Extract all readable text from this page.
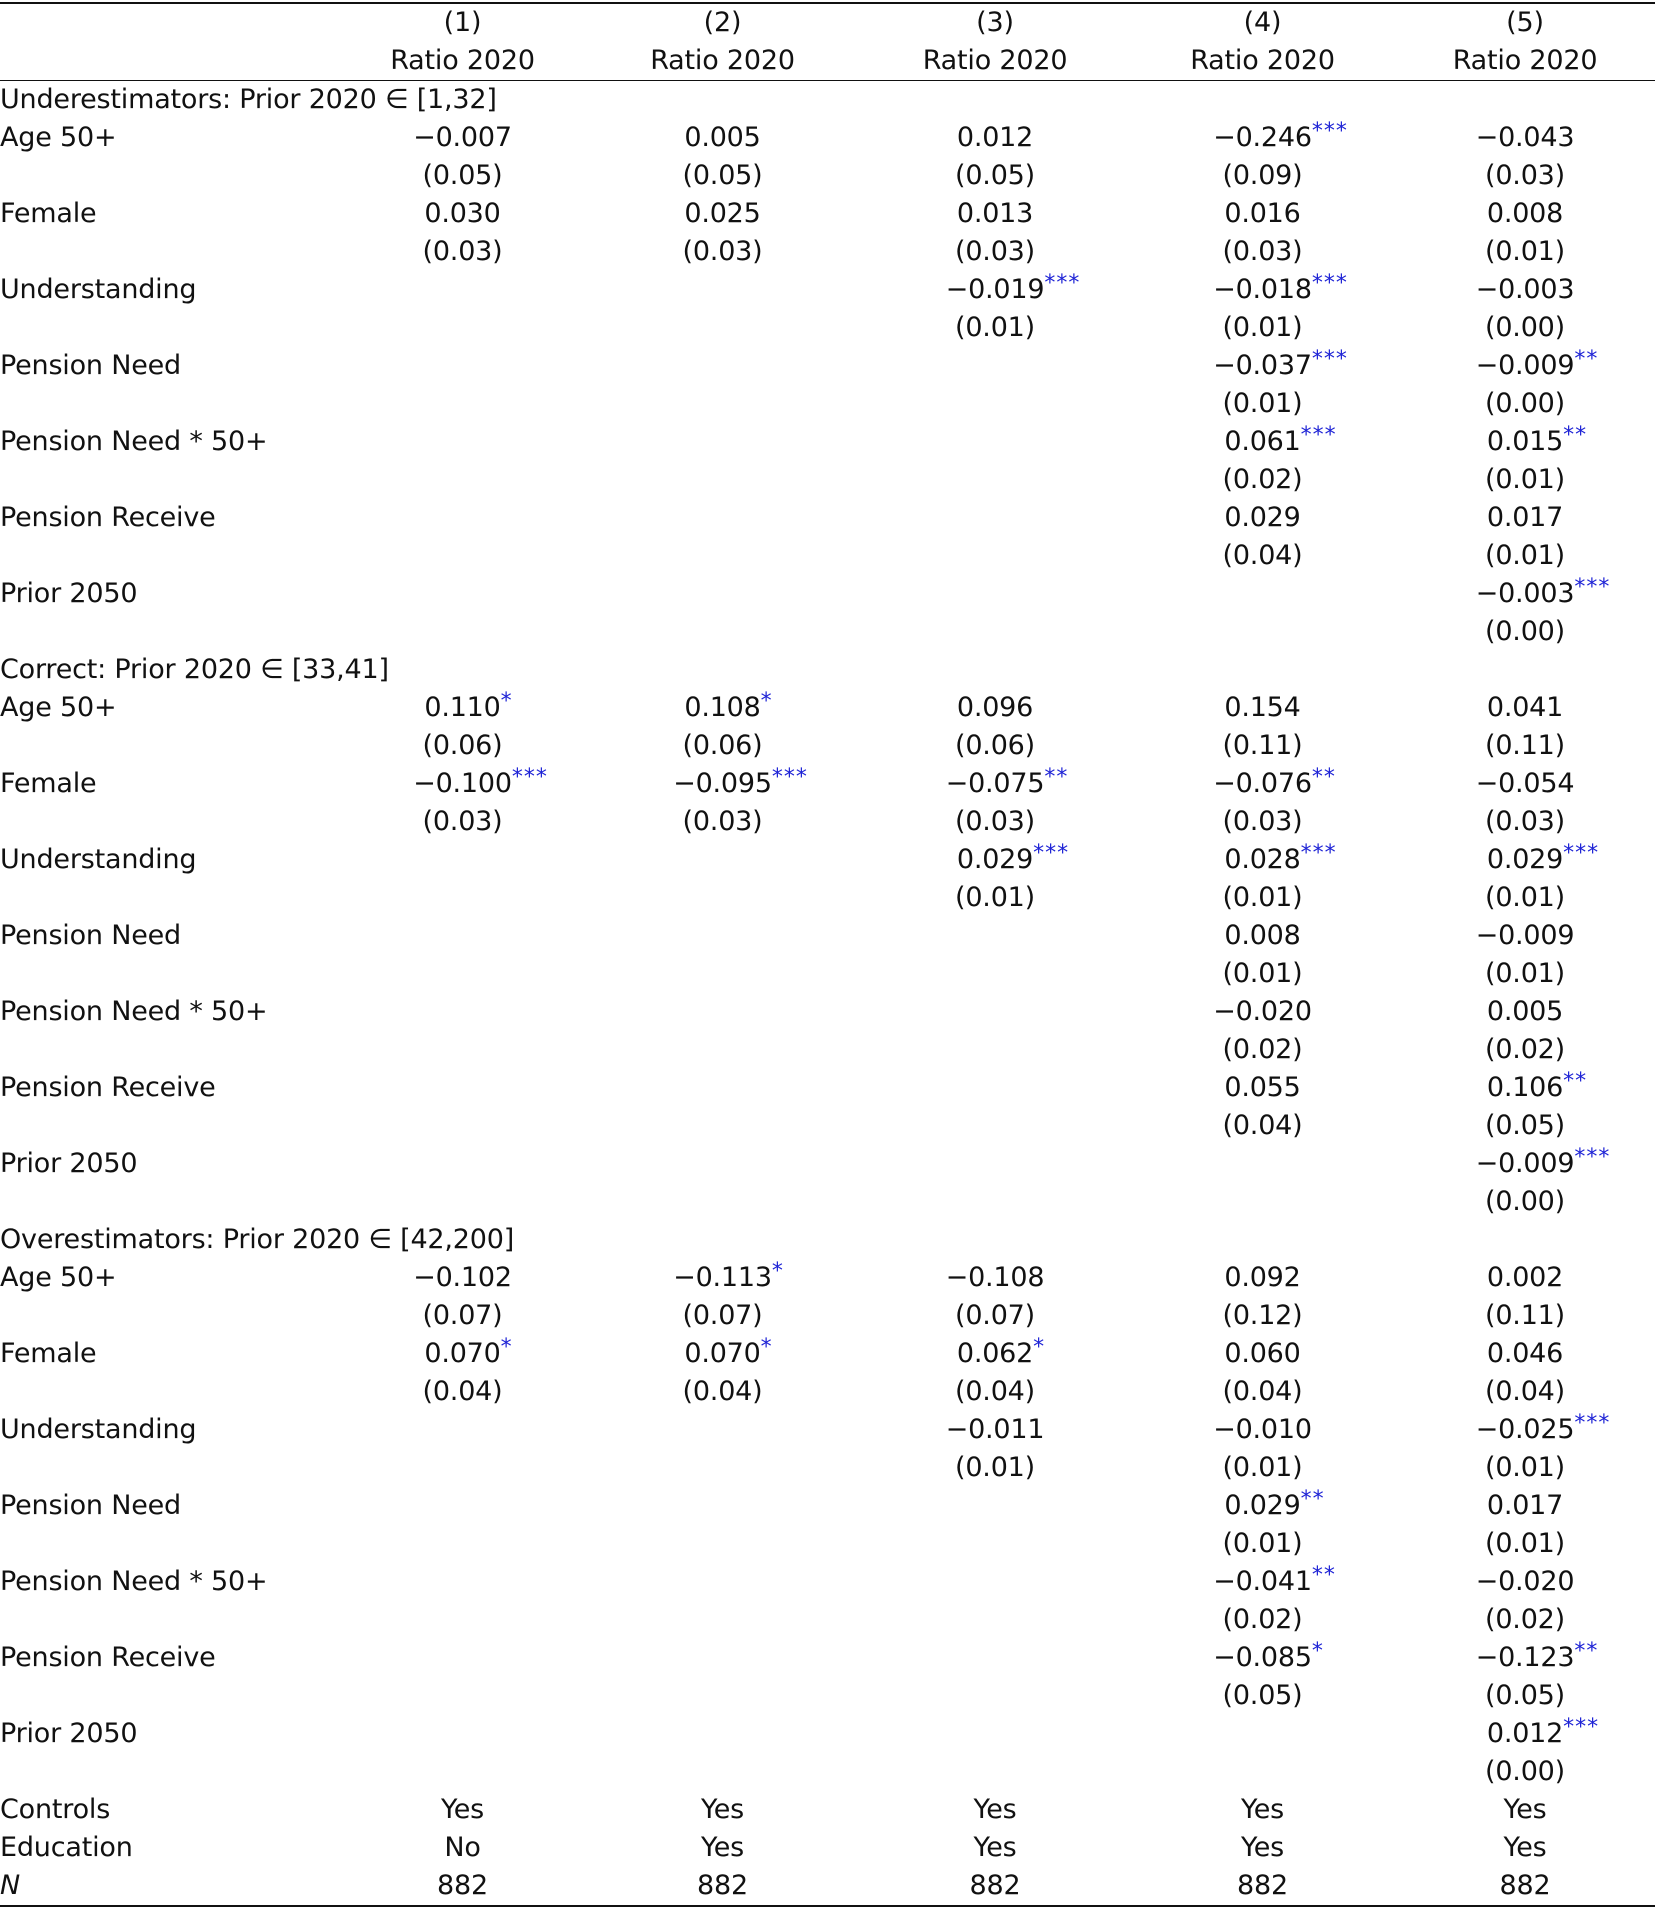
	(1)	(2)	(3)	(4)	(5)
	Ratio 2020	Ratio 2020	Ratio 2020	Ratio 2020	Ratio 2020
Underestimators: Prior 2020 ∈ [1,32]					
Age 50+	−0.007	0.005	0.012	−0.246 ***	−0.043

	(0.05)	(0.05)	(0.05)	(0.09)	(0.03)
Female	0.030	0.025	0.013	0.016	0.008

	(0.03)	(0.03)	(0.03)	(0.03)	(0.01)
Understanding			−0.019 ***	−0.018 ***	−0.003

			(0.01)	(0.01)	(0.00)
Pension Need				−0.037 ***	−0.009 **

				(0.01)	(0.00)
Pension Need * 50+				0.061 ***	0.015 **

				(0.02)	(0.01)
Pension Receive				0.029	0.017

				(0.04)	(0.01)
Prior 2050					−0.003 ***

					(0.00)
Correct: Prior 2020 ∈ [33,41]					
Age 50+	0.110 *	0.108 *	0.096	0.154	0.041

	(0.06)	(0.06)	(0.06)	(0.11)	(0.11)
Female	−0.100 ***	−0.095 ***	−0.075 **	−0.076 **	−0.054

	(0.03)	(0.03)	(0.03)	(0.03)	(0.03)
Understanding			0.029 ***	0.028 ***	0.029 ***

			(0.01)	(0.01)	(0.01)
Pension Need				0.008	−0.009

				(0.01)	(0.01)
Pension Need * 50+				−0.020	0.005

				(0.02)	(0.02)
Pension Receive				0.055	0.106 **

				(0.04)	(0.05)
Prior 2050					−0.009 ***

					(0.00)
Overestimators: Prior 2020 ∈ [42,200]					
Age 50+	−0.102	−0.113 *	−0.108	0.092	0.002

	(0.07)	(0.07)	(0.07)	(0.12)	(0.11)
Female	0.070 *	0.070 *	0.062 *	0.060	0.046

	(0.04)	(0.04)	(0.04)	(0.04)	(0.04)
Understanding			−0.011	−0.010	−0.025 ***

			(0.01)	(0.01)	(0.01)
Pension Need				0.029 **	0.017

				(0.01)	(0.01)
Pension Need * 50+				−0.041 **	−0.020

				(0.02)	(0.02)
Pension Receive				−0.085 *	−0.123 **

				(0.05)	(0.05)
Prior 2050					0.012 ***

					(0.00)
Controls	Yes	Yes	Yes	Yes	Yes
Education	No	Yes	Yes	Yes	Yes
N	882	882	882	882	882
